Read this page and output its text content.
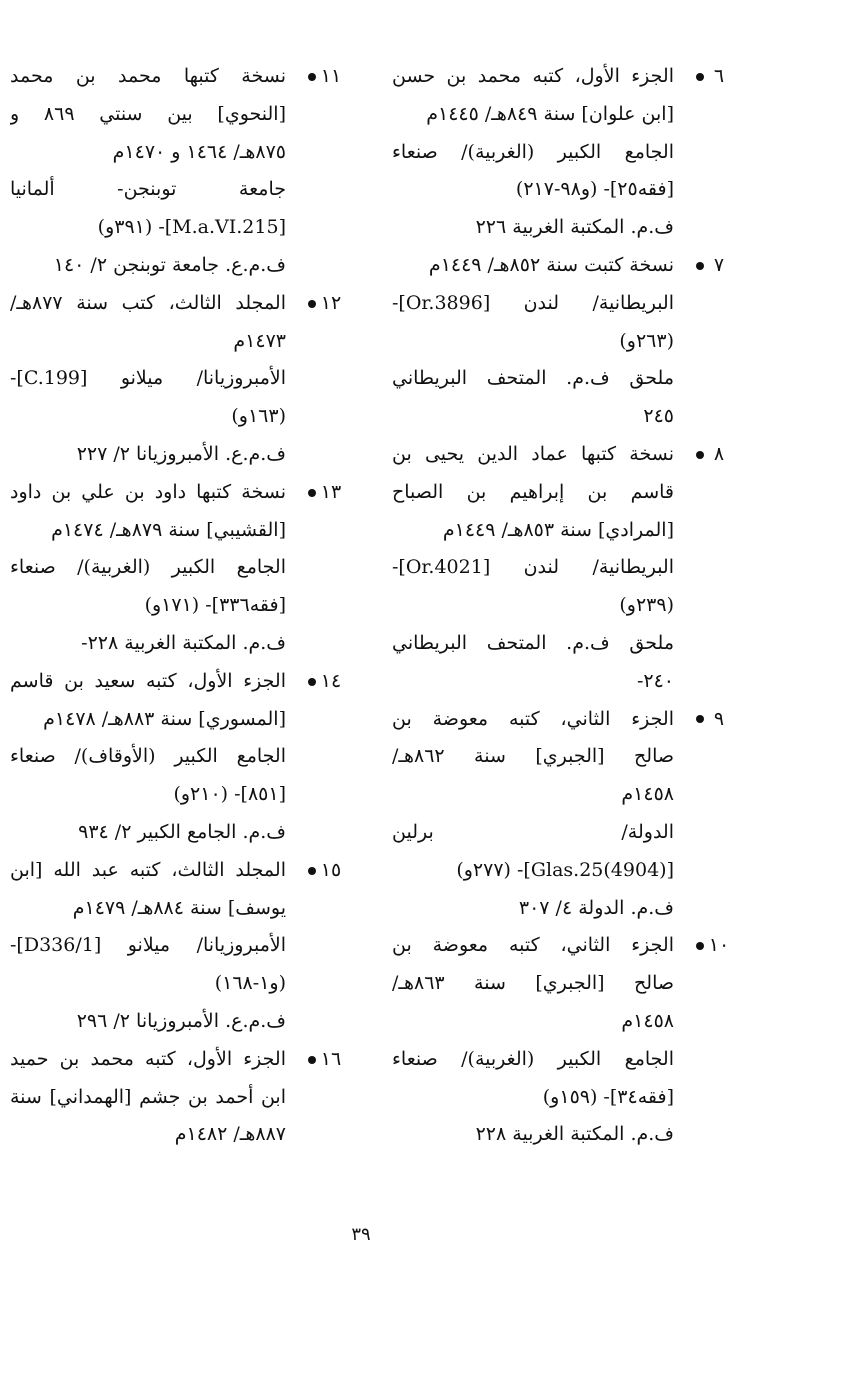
٦
الجزء الأول، كتبه محمد بن حسن
[ابن علوان] سنة ٨٤٩هـ/ ١٤٤٥م
الجامع الكبير (الغربية)/ صنعاء
[فقه٢٥]- (و٩٨-٢١٧)
ف.م. المكتبة الغربية ٢٢٦
٧
نسخة كتبت سنة ٨٥٢هـ/ ١٤٤٩م
البريطانية/ لندن [Or.3896]-
(٢٦٣و)
ملحق ف.م. المتحف البريطاني
٢٤٥
٨
نسخة كتبها عماد الدين يحيى بن
قاسم بن إبراهيم بن الصباح
[المرادي] سنة ٨٥٣هـ/ ١٤٤٩م
البريطانية/ لندن [Or.4021]-
(٢٣٩و)
ملحق ف.م. المتحف البريطاني
٢٤٠-
٩
الجزء الثاني، كتبه معوضة بن
صالح [الجبري] سنة ٨٦٢هـ/
١٤٥٨م
الدولة/ برلين
[Glas.25(4904)]- (٢٧٧و)
ف.م. الدولة ٤/ ٣٠٧
١٠
الجزء الثاني، كتبه معوضة بن
صالح [الجبري] سنة ٨٦٣هـ/
١٤٥٨م
الجامع الكبير (الغربية)/ صنعاء
[فقه٣٤]- (١٥٩و)
ف.م. المكتبة الغربية ٢٢٨
١١
نسخة كتبها محمد بن محمد
[النحوي] بين سنتي ٨٦٩ و
٨٧٥هـ/ ١٤٦٤ و ١٤٧٠م
جامعة توبنجن- ألمانيا
[M.a.VI.215]- (٣٩١و)
ف.م.ع. جامعة توبنجن ٢/ ١٤٠
١٢
المجلد الثالث، كتب سنة ٨٧٧هـ/
١٤٧٣م
الأمبروزيانا/ ميلانو [C.199]-
(١٦٣و)
ف.م.ع. الأمبروزيانا ٢/ ٢٢٧
١٣
نسخة كتبها داود بن علي بن داود
[القشيبي] سنة ٨٧٩هـ/ ١٤٧٤م
الجامع الكبير (الغربية)/ صنعاء
[فقه٣٣٦]- (١٧١و)
ف.م. المكتبة الغربية ٢٢٨-
١٤
الجزء الأول، كتبه سعيد بن قاسم
[المسوري] سنة ٨٨٣هـ/ ١٤٧٨م
الجامع الكبير (الأوقاف)/ صنعاء
[٨٥١]- (٢١٠و)
ف.م. الجامع الكبير ٢/ ٩٣٤
١٥
المجلد الثالث، كتبه عبد الله [ابن
يوسف] سنة ٨٨٤هـ/ ١٤٧٩م
الأمبروزيانا/ ميلانو [D336/1]-
(و١-١٦٨)
ف.م.ع. الأمبروزيانا ٢/ ٢٩٦
١٦
الجزء الأول، كتبه محمد بن حميد
ابن أحمد بن جشم [الهمداني] سنة
٨٨٧هـ/ ١٤٨٢م
٣٩
